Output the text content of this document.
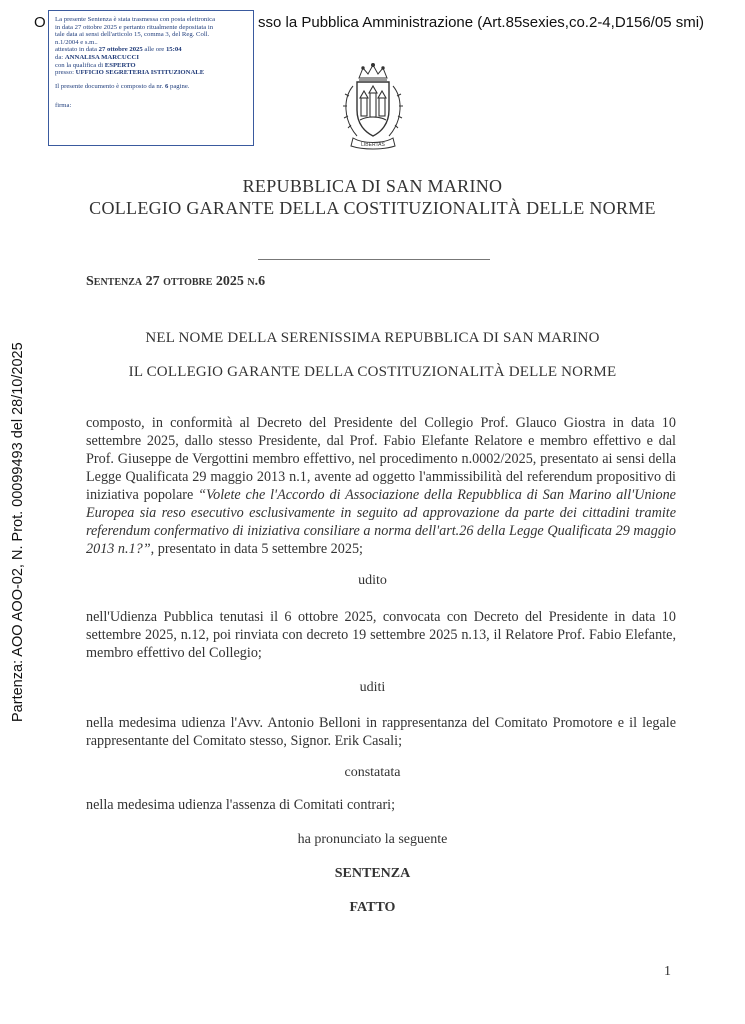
O	sso la Pubblica Amministrazione (Art.85sexies,co.2-4,D156/05 smi)
La presente Sentenza è stata trasmessa con posta elettronica
in data 27 ottobre 2025 e pertanto ritualmente depositata in
tale data ai sensi dell'articolo 15, comma 3, del Reg. Coll.
n.1/2004 e s.m..
attestato in data 27 ottobre 2025 alle ore 15:04
da: ANNALISA MARCUCCI
con la qualifica di ESPERTO
presso: UFFICIO SEGRETERIA ISTITUZIONALE
Il presente documento è composto da nr. 6 pagine.
firma:
Partenza: AOO AOO-02, N. Prot. 00099493 del 28/10/2025
LIBERTAS
REPUBBLICA DI SAN MARINO
COLLEGIO GARANTE DELLA COSTITUZIONALITÀ DELLE NORME
Sentenza 27 ottobre 2025 n.6
NEL NOME DELLA SERENISSIMA REPUBBLICA DI SAN MARINO
IL COLLEGIO GARANTE DELLA COSTITUZIONALITÀ DELLE NORME
composto, in conformità al Decreto del Presidente del Collegio Prof. Glauco Giostra in data 10 settembre 2025, dallo stesso Presidente, dal Prof. Fabio Elefante Relatore e membro effettivo e dal Prof. Giuseppe de Vergottini membro effettivo, nel procedimento n.0002/2025, presentato ai sensi della Legge Qualificata 29 maggio 2013 n.1, avente ad oggetto l'ammissibilità del referendum propositivo di iniziativa popolare “Volete che l'Accordo di Associazione della Repubblica di San Marino all'Unione Europea sia reso esecutivo esclusivamente in seguito ad approvazione da parte dei cittadini tramite referendum confermativo di iniziativa consiliare a norma dell'art.26 della Legge Qualificata 29 maggio 2013 n.1?”, presentato in data 5 settembre 2025;
udito
nell'Udienza Pubblica tenutasi il 6 ottobre 2025, convocata con Decreto del Presidente in data 10 settembre 2025, n.12, poi rinviata con decreto 19 settembre 2025 n.13, il Relatore Prof. Fabio Elefante, membro effettivo del Collegio;
uditi
nella medesima udienza l'Avv. Antonio Belloni in rappresentanza del Comitato Promotore e il legale rappresentante del Comitato stesso, Signor. Erik Casali;
constatata
nella medesima udienza l'assenza di Comitati contrari;
ha pronunciato la seguente
SENTENZA
FATTO
1
